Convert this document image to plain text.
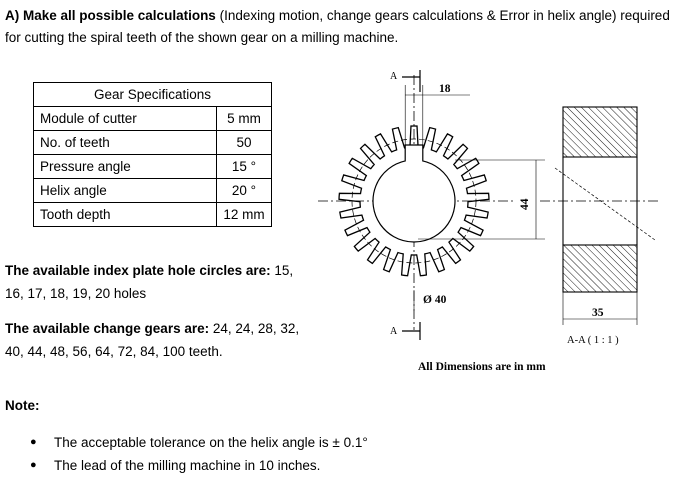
A) Make all possible calculations (Indexing motion, change gears calculations & Error in helix angle) required for cutting the spiral teeth of the shown gear on a milling machine.
Gear Specifications	
Module of cutter	5 mm
No. of teeth	50
Pressure angle	15 °
Helix angle	20 °
Tooth depth	12 mm
The available index plate hole circles are: 15, 16, 17, 18, 19, 20 holes
The available change gears are: 24, 24, 28, 32, 40, 44, 48, 56, 64, 72, 84, 100 teeth.
Note:
●	The acceptable tolerance on the helix angle is ± 0.1°
●	The lead of the milling machine in 10 inches.
A
A
18
44
Ø 40
35
A-A ( 1 : 1 )
All Dimensions are in mm
